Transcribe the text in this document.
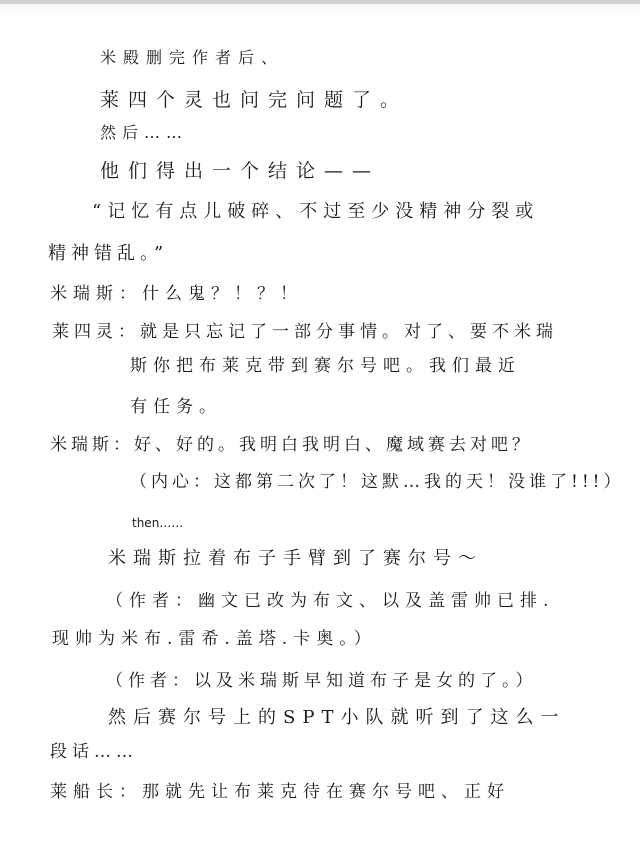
米殿删完作者后、
莱四个灵也问完问题了。
然后……
他们得出一个结论——
“记忆有点儿破碎、不过至少没精神分裂或
精神错乱。”
米瑞斯：什么鬼？！？！
莱四灵：就是只忘记了一部分事情。对了、要不米瑞
斯你把布莱克带到赛尔号吧。我们最近
有任务。
米瑞斯：好、好的。我明白我明白、魔域赛去对吧？
（内心：这都第二次了！这默…我的天！没谁了!!!）
then……
米瑞斯拉着布子手臂到了赛尔号～
（作者：幽文已改为布文、以及盖雷帅已排.
现帅为米布.雷希.盖塔.卡奥。）
（作者：以及米瑞斯早知道布子是女的了。）
然后赛尔号上的SPT小队就听到了这么一
段话……
莱船长：那就先让布莱克待在赛尔号吧、正好
